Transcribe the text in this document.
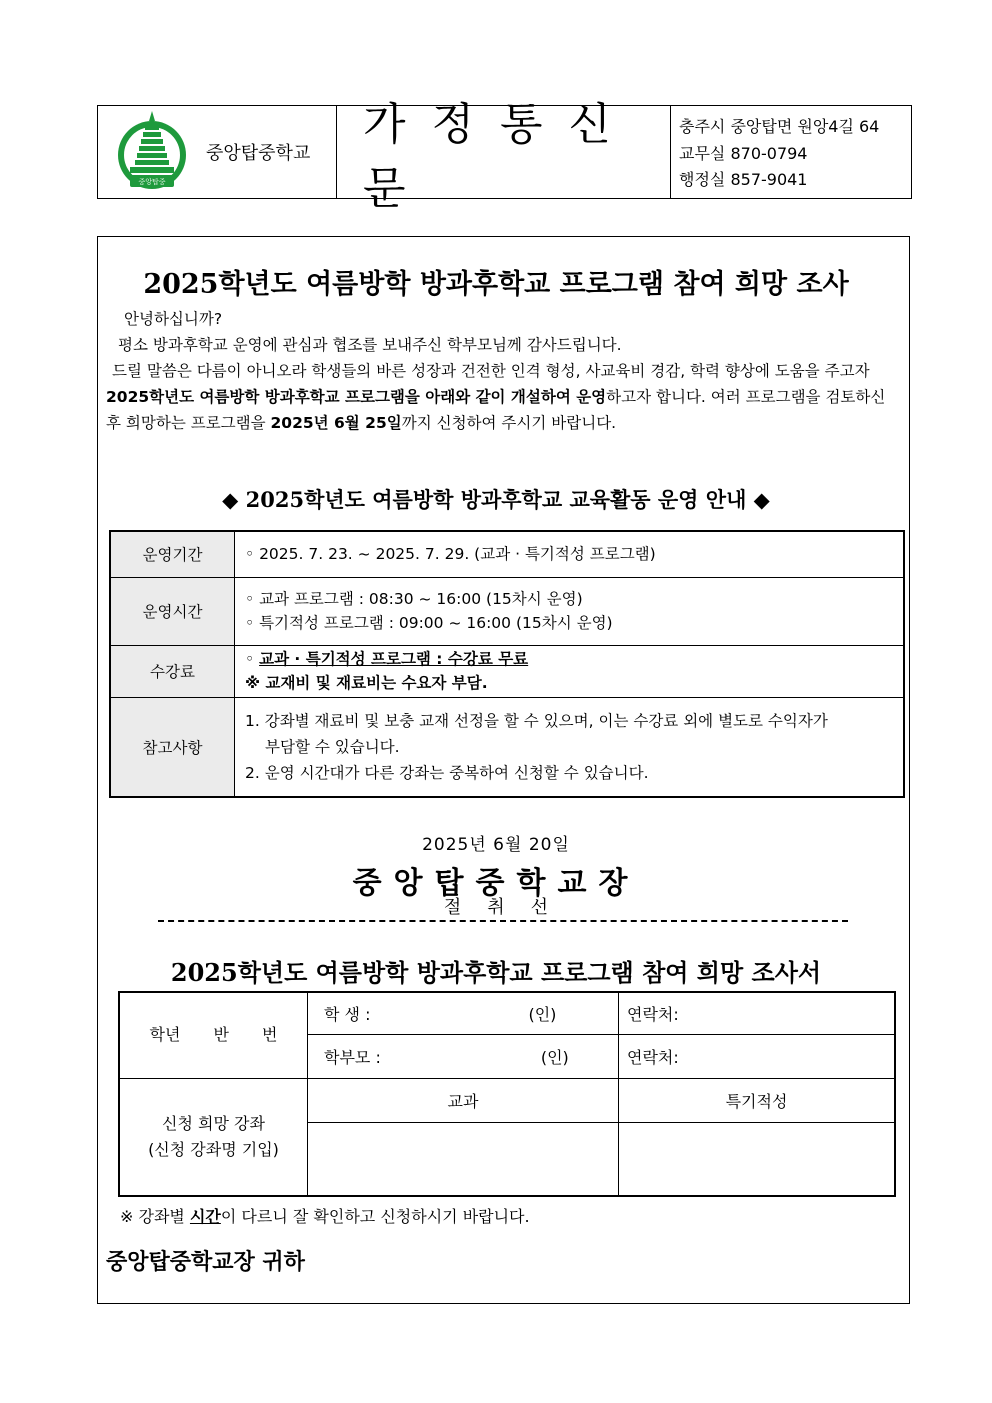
중앙탑중
중앙탑중학교
가정통신문
충주시 중앙탑면 원앙4길 64
교무실 870-0794
행정실 857-9041
2025학년도 여름방학 방과후학교 프로그램 참여 희망 조사

안녕하십니까?

평소 방과후학교 운영에 관심과 협조를 보내주신 학부모님께 감사드립니다.

드릴 말씀은 다름이 아니오라 학생들의 바른 성장과 건전한 인격 형성, 사교육비 경감, 학력 향상에 도움을 주고자 2025학년도 여름방학 방과후학교 프로그램을 아래와 같이 개설하여 운영하고자 합니다. 여러 프로그램을 검토하신 후 희망하는 프로그램을 2025년 6월 25일까지 신청하여 주시기 바랍니다.

◆ 2025학년도 여름방학 방과후학교 교육활동 운영 안내 ◆
운영기간	◦ 2025. 7. 23. ~ 2025. 7. 29. (교과 · 특기적성 프로그램)
운영시간	◦ 교과 프로그램 : 08:30 ~ 16:00 (15차시 운영)
◦ 특기적성 프로그램 : 09:00 ~ 16:00 (15차시 운영)

수강료	◦ 교과 · 특기적성 프로그램 : 수강료 무료
※ 교재비 및 재료비는 수요자 부담.

참고사항	1. 강좌별 재료비 및 보충 교재 선정을 할 수 있으며, 이는 수강료 외에 별도로 수익자가
부담할 수 있습니다.
2. 운영 시간대가 다른 강좌는 중복하여 신청할 수 있습니다.
2025년 6월 20일
중앙탑중학교장
절취선
2025학년도 여름방학 방과후학교 프로그램 참여 희망 조사서
학년 반 번	학 생 : (인)	연락처:
	학부모 : (인)	연락처:

신청 희망 강좌
(신청 강좌명 기입)	교과	특기적성

※ 강좌별 시간이 다르니 잘 확인하고 신청하시기 바랍니다.
중앙탑중학교장 귀하
